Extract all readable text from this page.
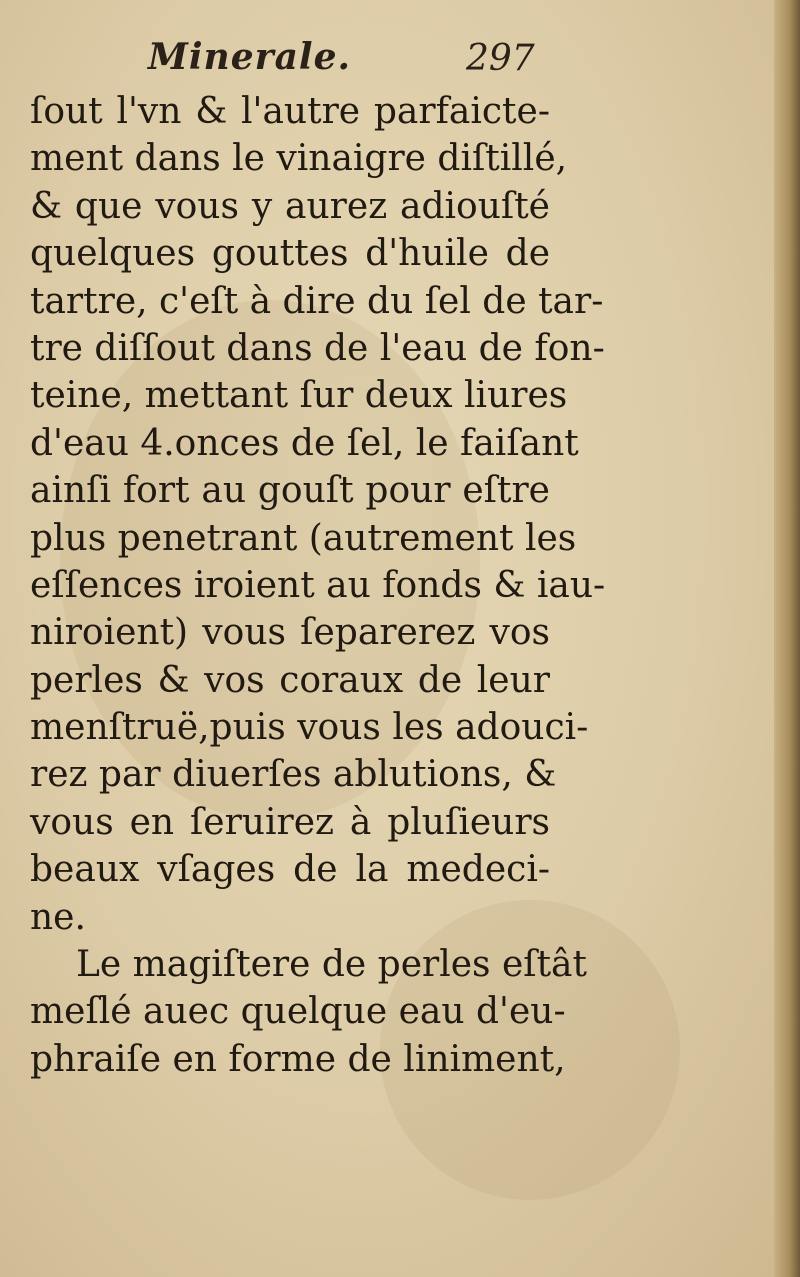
Minerale.	297
ſout l'vn & l'autre parfaicte-
ment dans le vinaigre diſtillé,
& que vous y aurez adiouſté
quelques gouttes d'huile de
tartre, c'eſt à dire du ſel de tar-
tre diſſout dans de l'eau de fon-
teine, mettant ſur deux liures
d'eau 4.onces de ſel, le faiſant
ainſi fort au gouſt pour eſtre
plus penetrant (autrement les
eſſences iroient au fonds & iau-
niroient) vous ſeparerez vos
perles & vos coraux de leur
menſtruë,puis vous les adouci-
rez par diuerſes ablutions, &
vous en ſeruirez à pluſieurs
beaux vſages de la medeci-
ne.
Le magiſtere de perles eſtât
meſlé auec quelque eau d'eu-
phraiſe en forme de liniment,
